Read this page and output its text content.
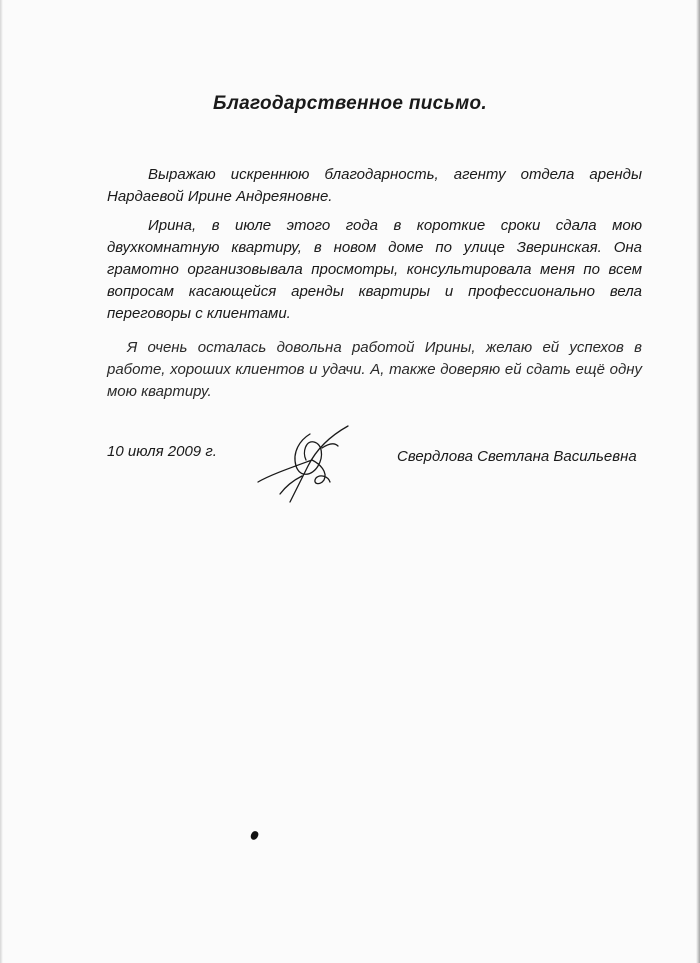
Благодарственное письмо.

Выражаю искреннюю благодарность, агенту отдела аренды Нардаевой Ирине Андреяновне.

Ирина, в июле этого года в короткие сроки сдала мою двухкомнатную квартиру, в новом доме по улице Зверинская. Она грамотно организовывала просмотры, консультировала меня по всем вопросам касающейся аренды квартиры и профессионально вела переговоры с клиентами.

Я очень осталась довольна работой Ирины, желаю ей успехов в работе, хороших клиентов и удачи. А, также доверяю ей сдать ещё одну мою квартиру.

10 июля 2009 г.	Свердлова Светлана Васильевна
